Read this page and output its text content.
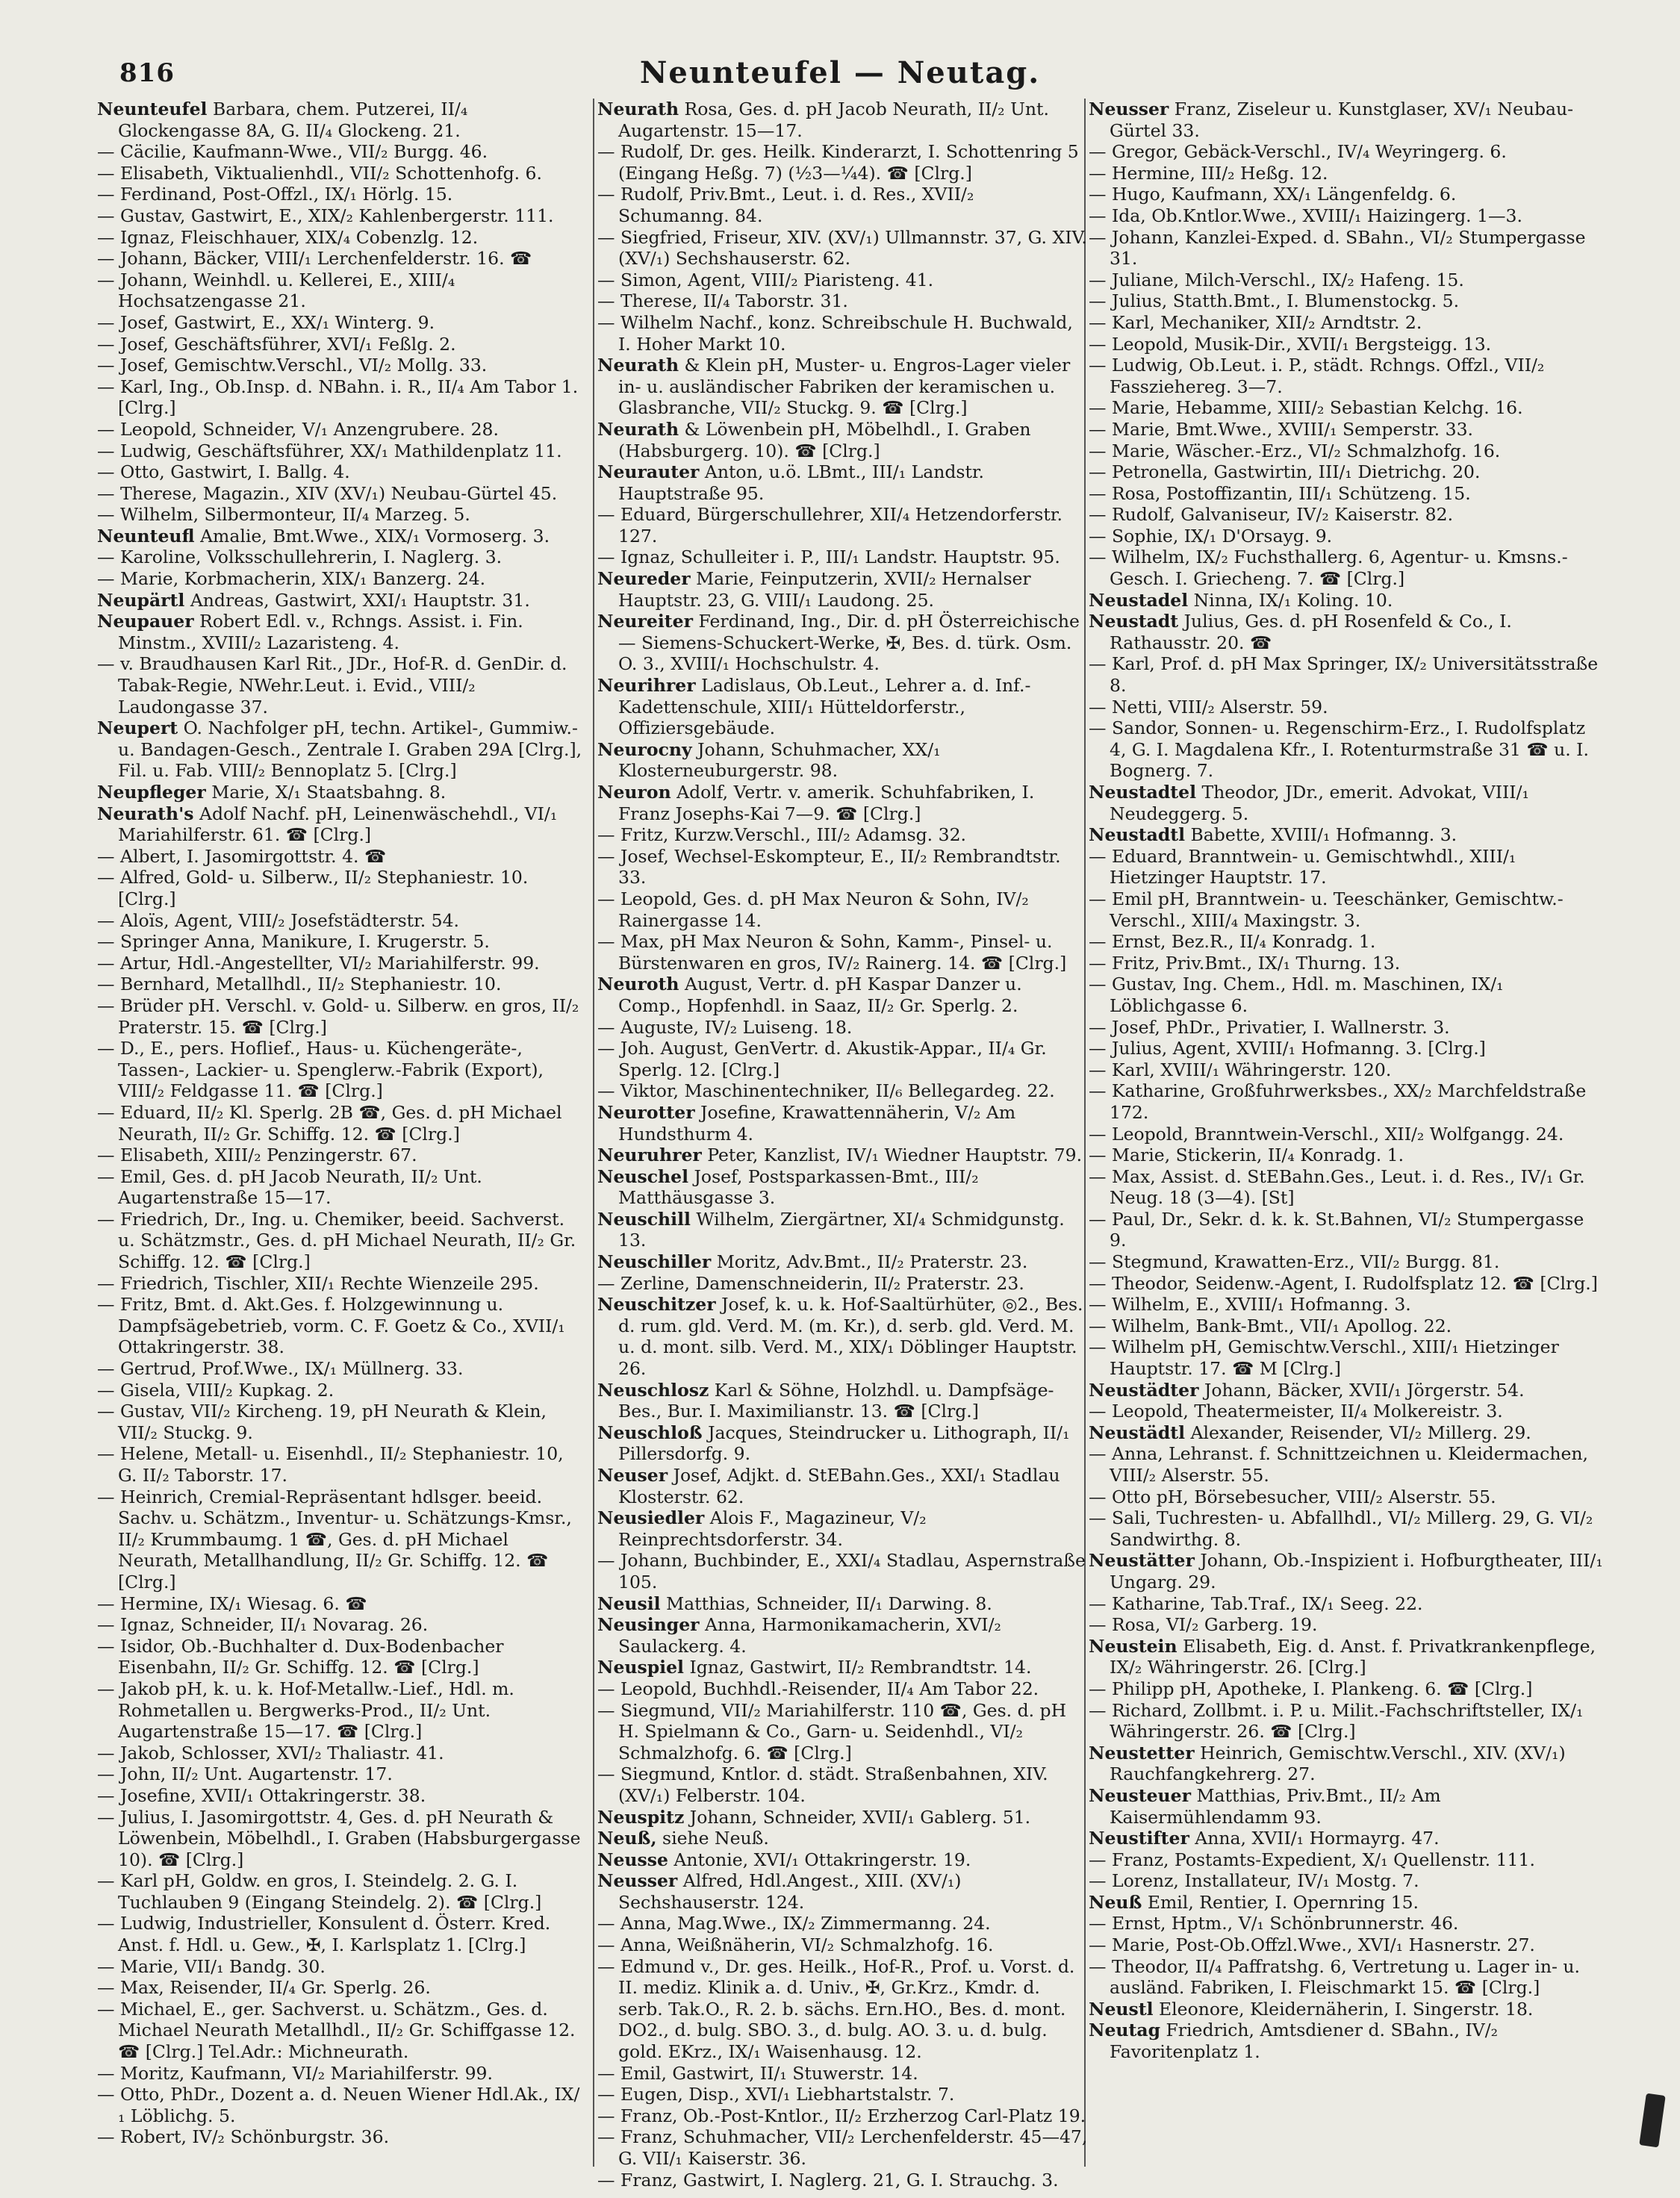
816	Neunteufel — Neutag.

Neunteufel Barbara, chem. Putzerei, II/₄ Glockengasse 8A, G. II/₄ Glockeng. 21.

— Cäcilie, Kaufmann-Wwe., VII/₂ Burgg. 46.

— Elisabeth, Viktualienhdl., VII/₂ Schottenhofg. 6.

— Ferdinand, Post-Offzl., IX/₁ Hörlg. 15.

— Gustav, Gastwirt, E., XIX/₂ Kahlenbergerstr. 111.

— Ignaz, Fleischhauer, XIX/₄ Cobenzlg. 12.

— Johann, Bäcker, VIII/₁ Lerchenfelderstr. 16. ☎

— Johann, Weinhdl. u. Kellerei, E., XIII/₄ Hochsatzengasse 21.

— Josef, Gastwirt, E., XX/₁ Winterg. 9.

— Josef, Geschäftsführer, XVI/₁ Feßlg. 2.

— Josef, Gemischtw.Verschl., VI/₂ Mollg. 33.

— Karl, Ing., Ob.Insp. d. NBahn. i. R., II/₄ Am Tabor 1. [Clrg.]

— Leopold, Schneider, V/₁ Anzengrubere. 28.

— Ludwig, Geschäftsführer, XX/₁ Mathildenplatz 11.

— Otto, Gastwirt, I. Ballg. 4.

— Therese, Magazin., XIV (XV/₁) Neubau-Gürtel 45.

— Wilhelm, Silbermonteur, II/₄ Marzeg. 5.

Neunteufl Amalie, Bmt.Wwe., XIX/₁ Vormoserg. 3.

— Karoline, Volksschullehrerin, I. Naglerg. 3.

— Marie, Korbmacherin, XIX/₁ Banzerg. 24.

Neupärtl Andreas, Gastwirt, XXI/₁ Hauptstr. 31.

Neupauer Robert Edl. v., Rchngs. Assist. i. Fin. Minstm., XVIII/₂ Lazaristeng. 4.

— v. Braudhausen Karl Rit., JDr., Hof-R. d. GenDir. d. Tabak-Regie, NWehr.Leut. i. Evid., VIII/₂ Laudongasse 37.

Neupert O. Nachfolger pH, techn. Artikel-, Gummiw.- u. Bandagen-Gesch., Zentrale I. Graben 29A [Clrg.], Fil. u. Fab. VIII/₂ Bennoplatz 5. [Clrg.]

Neupfleger Marie, X/₁ Staatsbahng. 8.

Neurath's Adolf Nachf. pH, Leinenwäschehdl., VI/₁ Mariahilferstr. 61. ☎ [Clrg.]

— Albert, I. Jasomirgottstr. 4. ☎

— Alfred, Gold- u. Silberw., II/₂ Stephaniestr. 10. [Clrg.]

— Aloïs, Agent, VIII/₂ Josefstädterstr. 54.

— Springer Anna, Manikure, I. Krugerstr. 5.

— Artur, Hdl.-Angestellter, VI/₂ Mariahilferstr. 99.

— Bernhard, Metallhdl., II/₂ Stephaniestr. 10.

— Brüder pH. Verschl. v. Gold- u. Silberw. en gros, II/₂ Praterstr. 15. ☎ [Clrg.]

— D., E., pers. Hoflief., Haus- u. Küchengeräte-, Tassen-, Lackier- u. Spenglerw.-Fabrik (Export), VIII/₂ Feldgasse 11. ☎ [Clrg.]

— Eduard, II/₂ Kl. Sperlg. 2B ☎, Ges. d. pH Michael Neurath, II/₂ Gr. Schiffg. 12. ☎ [Clrg.]

— Elisabeth, XIII/₂ Penzingerstr. 67.

— Emil, Ges. d. pH Jacob Neurath, II/₂ Unt. Augartenstraße 15—17.

— Friedrich, Dr., Ing. u. Chemiker, beeid. Sachverst. u. Schätzmstr., Ges. d. pH Michael Neurath, II/₂ Gr. Schiffg. 12. ☎ [Clrg.]

— Friedrich, Tischler, XII/₁ Rechte Wienzeile 295.

— Fritz, Bmt. d. Akt.Ges. f. Holzgewinnung u. Dampfsägebetrieb, vorm. C. F. Goetz & Co., XVII/₁ Ottakringerstr. 38.

— Gertrud, Prof.Wwe., IX/₁ Müllnerg. 33.

— Gisela, VIII/₂ Kupkag. 2.

— Gustav, VII/₂ Kircheng. 19, pH Neurath & Klein, VII/₂ Stuckg. 9.

— Helene, Metall- u. Eisenhdl., II/₂ Stephaniestr. 10, G. II/₂ Taborstr. 17.

— Heinrich, Cremial-Repräsentant hdlsger. beeid. Sachv. u. Schätzm., Inventur- u. Schätzungs-Kmsr., II/₂ Krummbaumg. 1 ☎, Ges. d. pH Michael Neurath, Metallhandlung, II/₂ Gr. Schiffg. 12. ☎ [Clrg.]

— Hermine, IX/₁ Wiesag. 6. ☎

— Ignaz, Schneider, II/₁ Novarag. 26.

— Isidor, Ob.-Buchhalter d. Dux-Bodenbacher Eisenbahn, II/₂ Gr. Schiffg. 12. ☎ [Clrg.]

— Jakob pH, k. u. k. Hof-Metallw.-Lief., Hdl. m. Rohmetallen u. Bergwerks-Prod., II/₂ Unt. Augartenstraße 15—17. ☎ [Clrg.]

— Jakob, Schlosser, XVI/₂ Thaliastr. 41.

— John, II/₂ Unt. Augartenstr. 17.

— Josefine, XVII/₁ Ottakringerstr. 38.

— Julius, I. Jasomirgottstr. 4, Ges. d. pH Neurath & Löwenbein, Möbelhdl., I. Graben (Habsburgergasse 10). ☎ [Clrg.]

— Karl pH, Goldw. en gros, I. Steindelg. 2. G. I. Tuchlauben 9 (Eingang Steindelg. 2). ☎ [Clrg.]

— Ludwig, Industrieller, Konsulent d. Österr. Kred. Anst. f. Hdl. u. Gew., ✠, I. Karlsplatz 1. [Clrg.]

— Marie, VII/₁ Bandg. 30.

— Max, Reisender, II/₄ Gr. Sperlg. 26.

— Michael, E., ger. Sachverst. u. Schätzm., Ges. d. Michael Neurath Metallhdl., II/₂ Gr. Schiffgasse 12. ☎ [Clrg.] Tel.Adr.: Michneurath.

— Moritz, Kaufmann, VI/₂ Mariahilferstr. 99.

— Otto, PhDr., Dozent a. d. Neuen Wiener Hdl.Ak., IX/₁ Löblichg. 5.

— Robert, IV/₂ Schönburgstr. 36.

Neurath Rosa, Ges. d. pH Jacob Neurath, II/₂ Unt. Augartenstr. 15—17.

— Rudolf, Dr. ges. Heilk. Kinderarzt, I. Schottenring 5 (Eingang Heßg. 7) (½3—¼4). ☎ [Clrg.]

— Rudolf, Priv.Bmt., Leut. i. d. Res., XVII/₂ Schumanng. 84.

— Siegfried, Friseur, XIV. (XV/₁) Ullmannstr. 37, G. XIV. (XV/₁) Sechshauserstr. 62.

— Simon, Agent, VIII/₂ Piaristeng. 41.

— Therese, II/₄ Taborstr. 31.

— Wilhelm Nachf., konz. Schreibschule H. Buchwald, I. Hoher Markt 10.

Neurath & Klein pH, Muster- u. Engros-Lager vieler in- u. ausländischer Fabriken der keramischen u. Glasbranche, VII/₂ Stuckg. 9. ☎ [Clrg.]

Neurath & Löwenbein pH, Möbelhdl., I. Graben (Habsburgerg. 10). ☎ [Clrg.]

Neurauter Anton, u.ö. LBmt., III/₁ Landstr. Hauptstraße 95.

— Eduard, Bürgerschullehrer, XII/₄ Hetzendorferstr. 127.

— Ignaz, Schulleiter i. P., III/₁ Landstr. Hauptstr. 95.

Neureder Marie, Feinputzerin, XVII/₂ Hernalser Hauptstr. 23, G. VIII/₁ Laudong. 25.

Neureiter Ferdinand, Ing., Dir. d. pH Österreichische — Siemens-Schuckert-Werke, ✠, Bes. d. türk. Osm. O. 3., XVIII/₁ Hochschulstr. 4.

Neurihrer Ladislaus, Ob.Leut., Lehrer a. d. Inf.-Kadettenschule, XIII/₁ Hütteldorferstr., Offiziersgebäude.

Neurocny Johann, Schuhmacher, XX/₁ Klosterneuburgerstr. 98.

Neuron Adolf, Vertr. v. amerik. Schuhfabriken, I. Franz Josephs-Kai 7—9. ☎ [Clrg.]

— Fritz, Kurzw.Verschl., III/₂ Adamsg. 32.

— Josef, Wechsel-Eskompteur, E., II/₂ Rembrandtstr. 33.

— Leopold, Ges. d. pH Max Neuron & Sohn, IV/₂ Rainergasse 14.

— Max, pH Max Neuron & Sohn, Kamm-, Pinsel- u. Bürstenwaren en gros, IV/₂ Rainerg. 14. ☎ [Clrg.]

Neuroth August, Vertr. d. pH Kaspar Danzer u. Comp., Hopfenhdl. in Saaz, II/₂ Gr. Sperlg. 2.

— Auguste, IV/₂ Luiseng. 18.

— Joh. August, GenVertr. d. Akustik-Appar., II/₄ Gr. Sperlg. 12. [Clrg.]

— Viktor, Maschinentechniker, II/₆ Bellegardeg. 22.

Neurotter Josefine, Krawattennäherin, V/₂ Am Hundsthurm 4.

Neuruhrer Peter, Kanzlist, IV/₁ Wiedner Hauptstr. 79.

Neuschel Josef, Postsparkassen-Bmt., III/₂ Matthäusgasse 3.

Neuschill Wilhelm, Ziergärtner, XI/₄ Schmidgunstg. 13.

Neuschiller Moritz, Adv.Bmt., II/₂ Praterstr. 23.

— Zerline, Damenschneiderin, II/₂ Praterstr. 23.

Neuschitzer Josef, k. u. k. Hof-Saaltürhüter, ◎2., Bes. d. rum. gld. Verd. M. (m. Kr.), d. serb. gld. Verd. M. u. d. mont. silb. Verd. M., XIX/₁ Döblinger Hauptstr. 26.

Neuschlosz Karl & Söhne, Holzhdl. u. Dampfsäge-Bes., Bur. I. Maximilianstr. 13. ☎ [Clrg.]

Neuschloß Jacques, Steindrucker u. Lithograph, II/₁ Pillersdorfg. 9.

Neuser Josef, Adjkt. d. StEBahn.Ges., XXI/₁ Stadlau Klosterstr. 62.

Neusiedler Alois F., Magazineur, V/₂ Reinprechtsdorferstr. 34.

— Johann, Buchbinder, E., XXI/₄ Stadlau, Aspernstraße 105.

Neusil Matthias, Schneider, II/₁ Darwing. 8.

Neusinger Anna, Harmonikamacherin, XVI/₂ Saulackerg. 4.

Neuspiel Ignaz, Gastwirt, II/₂ Rembrandtstr. 14.

— Leopold, Buchhdl.-Reisender, II/₄ Am Tabor 22.

— Siegmund, VII/₂ Mariahilferstr. 110 ☎, Ges. d. pH H. Spielmann & Co., Garn- u. Seidenhdl., VI/₂ Schmalzhofg. 6. ☎ [Clrg.]

— Siegmund, Kntlor. d. städt. Straßenbahnen, XIV. (XV/₁) Felberstr. 104.

Neuspitz Johann, Schneider, XVII/₁ Gablerg. 51.

Neuß, siehe Neuß.

Neusse Antonie, XVI/₁ Ottakringerstr. 19.

Neusser Alfred, Hdl.Angest., XIII. (XV/₁) Sechshauserstr. 124.

— Anna, Mag.Wwe., IX/₂ Zimmermanng. 24.

— Anna, Weißnäherin, VI/₂ Schmalzhofg. 16.

— Edmund v., Dr. ges. Heilk., Hof-R., Prof. u. Vorst. d. II. mediz. Klinik a. d. Univ., ✠, Gr.Krz., Kmdr. d. serb. Tak.O., R. 2. b. sächs. Ern.HO., Bes. d. mont. DO2., d. bulg. SBO. 3., d. bulg. AO. 3. u. d. bulg. gold. EKrz., IX/₁ Waisenhausg. 12.

— Emil, Gastwirt, II/₁ Stuwerstr. 14.

— Eugen, Disp., XVI/₁ Liebhartstalstr. 7.

— Franz, Ob.-Post-Kntlor., II/₂ Erzherzog Carl-Platz 19.

— Franz, Schuhmacher, VII/₂ Lerchenfelderstr. 45—47, G. VII/₁ Kaiserstr. 36.

— Franz, Gastwirt, I. Naglerg. 21, G. I. Strauchg. 3.

Neusser Franz, Ziseleur u. Kunstglaser, XV/₁ Neubau-Gürtel 33.

— Gregor, Gebäck-Verschl., IV/₄ Weyringerg. 6.

— Hermine, III/₂ Heßg. 12.

— Hugo, Kaufmann, XX/₁ Längenfeldg. 6.

— Ida, Ob.Kntlor.Wwe., XVIII/₁ Haizingerg. 1—3.

— Johann, Kanzlei-Exped. d. SBahn., VI/₂ Stumpergasse 31.

— Juliane, Milch-Verschl., IX/₂ Hafeng. 15.

— Julius, Statth.Bmt., I. Blumenstockg. 5.

— Karl, Mechaniker, XII/₂ Arndtstr. 2.

— Leopold, Musik-Dir., XVII/₁ Bergsteigg. 13.

— Ludwig, Ob.Leut. i. P., städt. Rchngs. Offzl., VII/₂ Fassziehereg. 3—7.

— Marie, Hebamme, XIII/₂ Sebastian Kelchg. 16.

— Marie, Bmt.Wwe., XVIII/₁ Semperstr. 33.

— Marie, Wäscher.-Erz., VI/₂ Schmalzhofg. 16.

— Petronella, Gastwirtin, III/₁ Dietrichg. 20.

— Rosa, Postoffizantin, III/₁ Schützeng. 15.

— Rudolf, Galvaniseur, IV/₂ Kaiserstr. 82.

— Sophie, IX/₁ D'Orsayg. 9.

— Wilhelm, IX/₂ Fuchsthallerg. 6, Agentur- u. Kmsns.-Gesch. I. Griecheng. 7. ☎ [Clrg.]

Neustadel Ninna, IX/₁ Koling. 10.

Neustadt Julius, Ges. d. pH Rosenfeld & Co., I. Rathausstr. 20. ☎

— Karl, Prof. d. pH Max Springer, IX/₂ Universitätsstraße 8.

— Netti, VIII/₂ Alserstr. 59.

— Sandor, Sonnen- u. Regenschirm-Erz., I. Rudolfsplatz 4, G. I. Magdalena Kfr., I. Rotenturmstraße 31 ☎ u. I. Bognerg. 7.

Neustadtel Theodor, JDr., emerit. Advokat, VIII/₁ Neudeggerg. 5.

Neustadtl Babette, XVIII/₁ Hofmanng. 3.

— Eduard, Branntwein- u. Gemischtwhdl., XIII/₁ Hietzinger Hauptstr. 17.

— Emil pH, Branntwein- u. Teeschänker, Gemischtw.-Verschl., XIII/₄ Maxingstr. 3.

— Ernst, Bez.R., II/₄ Konradg. 1.

— Fritz, Priv.Bmt., IX/₁ Thurng. 13.

— Gustav, Ing. Chem., Hdl. m. Maschinen, IX/₁ Löblichgasse 6.

— Josef, PhDr., Privatier, I. Wallnerstr. 3.

— Julius, Agent, XVIII/₁ Hofmanng. 3. [Clrg.]

— Karl, XVIII/₁ Währingerstr. 120.

— Katharine, Großfuhrwerksbes., XX/₂ Marchfeldstraße 172.

— Leopold, Branntwein-Verschl., XII/₂ Wolfgangg. 24.

— Marie, Stickerin, II/₄ Konradg. 1.

— Max, Assist. d. StEBahn.Ges., Leut. i. d. Res., IV/₁ Gr. Neug. 18 (3—4). [St]

— Paul, Dr., Sekr. d. k. k. St.Bahnen, VI/₂ Stumpergasse 9.

— Stegmund, Krawatten-Erz., VII/₂ Burgg. 81.

— Theodor, Seidenw.-Agent, I. Rudolfsplatz 12. ☎ [Clrg.]

— Wilhelm, E., XVIII/₁ Hofmanng. 3.

— Wilhelm, Bank-Bmt., VII/₁ Apollog. 22.

— Wilhelm pH, Gemischtw.Verschl., XIII/₁ Hietzinger Hauptstr. 17. ☎ M [Clrg.]

Neustädter Johann, Bäcker, XVII/₁ Jörgerstr. 54.

— Leopold, Theatermeister, II/₄ Molkereistr. 3.

Neustädtl Alexander, Reisender, VI/₂ Millerg. 29.

— Anna, Lehranst. f. Schnittzeichnen u. Kleidermachen, VIII/₂ Alserstr. 55.

— Otto pH, Börsebesucher, VIII/₂ Alserstr. 55.

— Sali, Tuchresten- u. Abfallhdl., VI/₂ Millerg. 29, G. VI/₂ Sandwirthg. 8.

Neustätter Johann, Ob.-Inspizient i. Hofburgtheater, III/₁ Ungarg. 29.

— Katharine, Tab.Traf., IX/₁ Seeg. 22.

— Rosa, VI/₂ Garberg. 19.

Neustein Elisabeth, Eig. d. Anst. f. Privatkrankenpflege, IX/₂ Währingerstr. 26. [Clrg.]

— Philipp pH, Apotheke, I. Plankeng. 6. ☎ [Clrg.]

— Richard, Zollbmt. i. P. u. Milit.-Fachschriftsteller, IX/₁ Währingerstr. 26. ☎ [Clrg.]

Neustetter Heinrich, Gemischtw.Verschl., XIV. (XV/₁) Rauchfangkehrerg. 27.

Neusteuer Matthias, Priv.Bmt., II/₂ Am Kaisermühlendamm 93.

Neustifter Anna, XVII/₁ Hormayrg. 47.

— Franz, Postamts-Expedient, X/₁ Quellenstr. 111.

— Lorenz, Installateur, IV/₁ Mostg. 7.

Neuß Emil, Rentier, I. Opernring 15.

— Ernst, Hptm., V/₁ Schönbrunnerstr. 46.

— Marie, Post-Ob.Offzl.Wwe., XVI/₁ Hasnerstr. 27.

— Theodor, II/₄ Paffratshg. 6, Vertretung u. Lager in- u. ausländ. Fabriken, I. Fleischmarkt 15. ☎ [Clrg.]

Neustl Eleonore, Kleidernäherin, I. Singerstr. 18.

Neutag Friedrich, Amtsdiener d. SBahn., IV/₂ Favoritenplatz 1.
